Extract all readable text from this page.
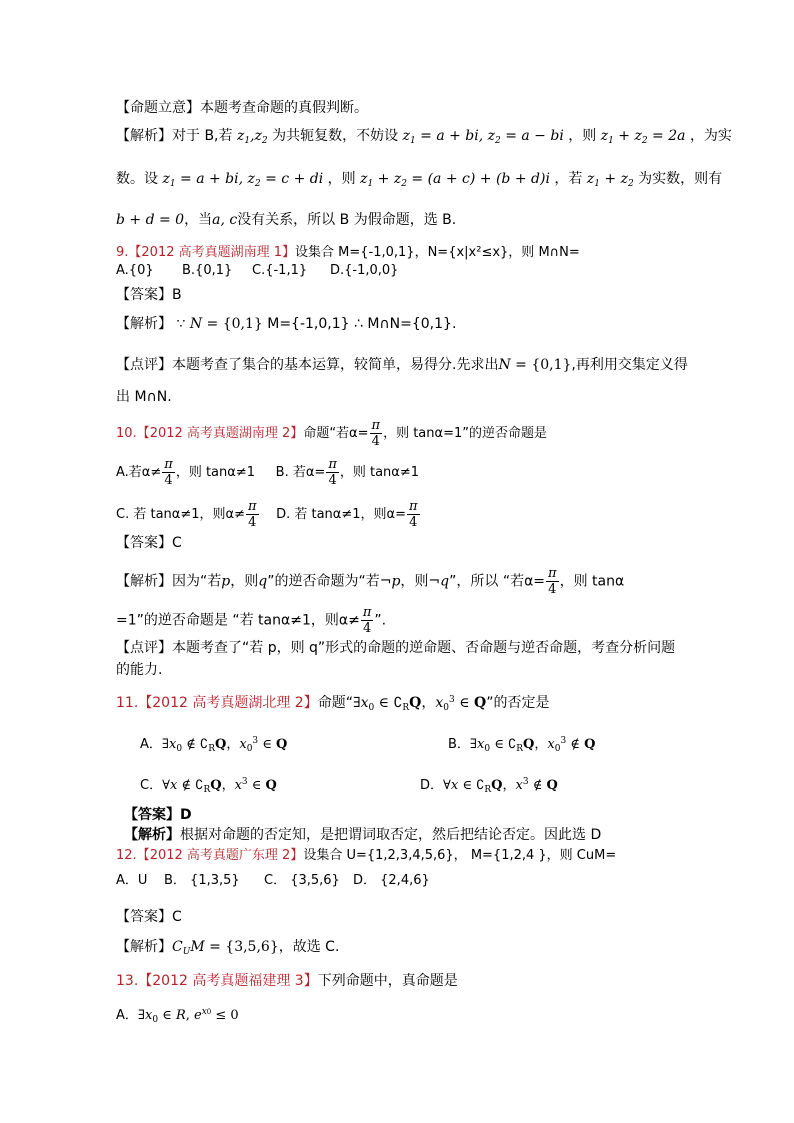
【命题立意】本题考查命题的真假判断。
【解析】对于 B,若 $z_1,z_2$ 为共轭复数，不妨设 $z_1 = a$ + bi, $z_2 = a$ − bi ，则 $z_1 + z_2 = 2a$ ，为实
数。设 $z_1 = a$ + bi, $z_2 = c$ + di ，则 $z_1 + z_2 = (a + c) + (b + d)i$ ，若 $z_1 + z_2$ 为实数，则有
b + d = 0，当a, c没有关系，所以 B 为假命题，选 B.
9.【2012 高考真题湖南理 1】设集合 M={-1,0,1}，N={x|x²≤x}，则 M∩N=
A.{0} B.{0,1} C.{-1,1} D.{-1,0,0}
【答案】B
【解析】 ∵ N = {0,1} M={-1,0,1} ∴ M∩N={0,1}.
【点评】本题考查了集合的基本运算，较简单，易得分.先求出N = {0,1},再利用交集定义得
出 M∩N.
10.【2012 高考真题湖南理 2】命题“若$\alpha= \frac{\pi}{4}$ ，则 tanα=1”的逆否命题是
A.若$\alpha\ne \frac{\pi}{4}$ ，则 tanα≠1 B. 若$\alpha= \frac{\pi}{4}$ ，则 tanα≠1
C. 若 tanα≠1，则$\alpha\ne \frac{\pi}{4} D$. 若 tanα≠1，则$\alpha= \frac{\pi}{4}$
【答案】C
【解析】因为“若p，则q”的逆否命题为“若¬p，则¬q”，所以 “若$\alpha= \frac{\pi}{4}$ ，则 tanα
=1”的逆否命题是 “若 tanα≠1，则$\alpha\ne \frac{\pi}{4}$ ”.
【点评】本题考查了“若 p，则 q”形式的命题的逆命题、否命题与逆否命题，考查分析问题
的能力.
11.【2012 高考真题湖北理 2】命题“$\exists x_0$ ∈ $∁_RQ$，$x_0^3$ ∈ Q”的否定是
A．$\exists x_0$ ∉ $∁_RQ$，$x_0^3$ ∈ Q	B．$\exists x_0$ ∈ $∁_RQ$，$x_0^3$ ∉ Q
C．∀x ∉ $∁_RQ$，$x^3$ ∈ Q	D．∀x ∈ $∁_RQ$，$x^3$ ∉ Q
【答案】D
【解析】根据对命题的否定知，是把谓词取否定，然后把结论否定。因此选 D
12.【2012 高考真题广东理 2】设集合 U={1,2,3,4,5,6}， M={1,2,4 }，则 CuM=
A．U B． {1,3,5} C． {3,5,6} D． {2,4,6}
【答案】C
【解析】$C_UM = \{3,5,6\}$，故选 C.
13.【2012 高考真题福建理 3】下列命题中，真命题是
A．$\exists x_0$ ∈ R, $e^{x0} \le 0$
